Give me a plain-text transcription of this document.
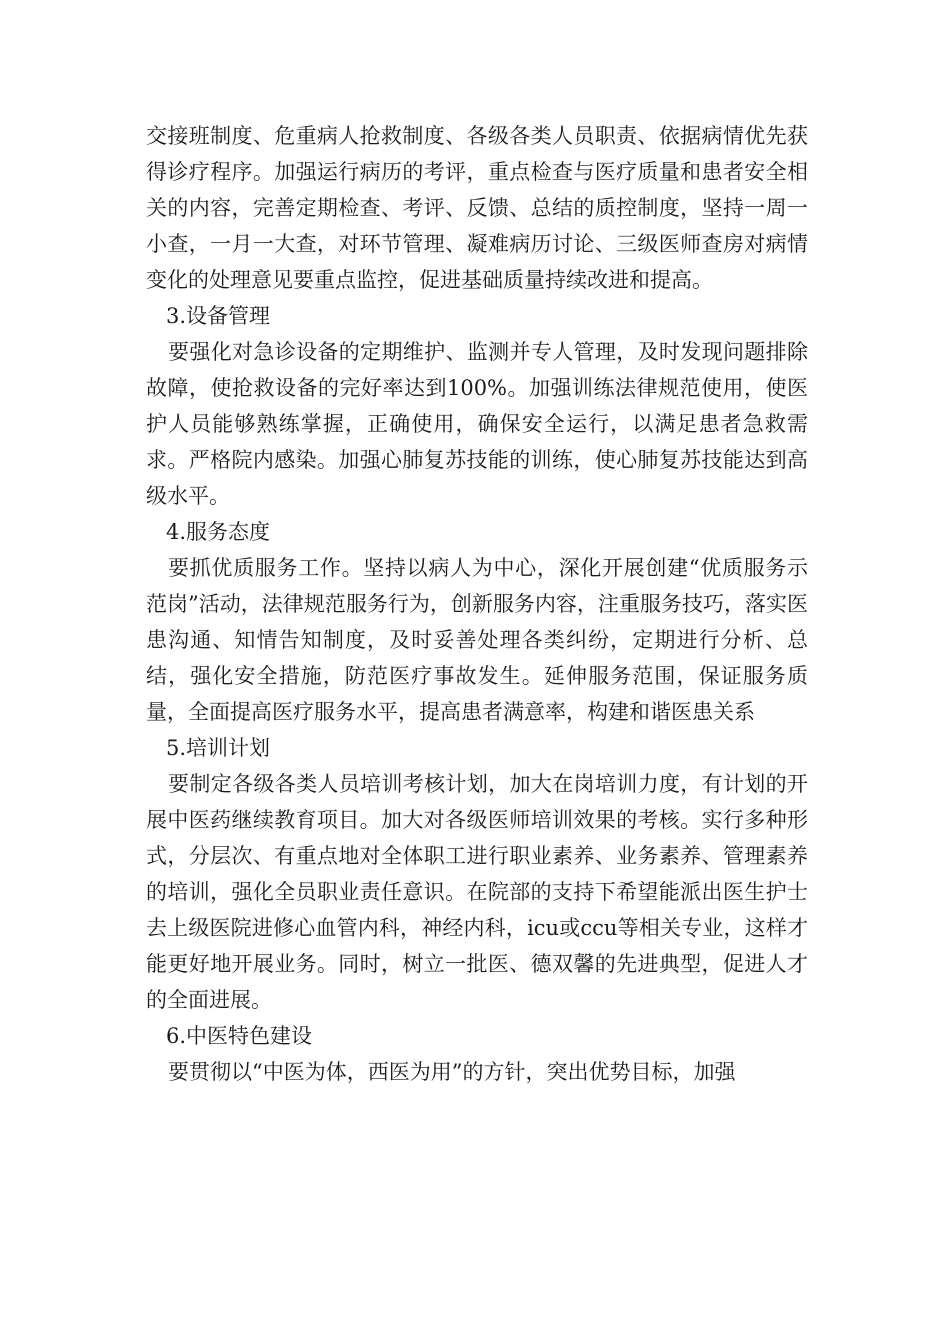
交接班制度、危重病人抢救制度、各级各类人员职责、依据病情优先获得诊疗程序。加强运行病历的考评，重点检查与医疗质量和患者安全相关的内容，完善定期检查、考评、反馈、总结的质控制度，坚持一周一小查，一月一大查，对环节管理、凝难病历讨论、三级医师查房对病情变化的处理意见要重点监控，促进基础质量持续改进和提高。

3.设备管理

要强化对急诊设备的定期维护、监测并专人管理，及时发现问题排除故障，使抢救设备的完好率达到100%。加强训练法律规范使用，使医护人员能够熟练掌握，正确使用，确保安全运行，以满足患者急救需求。严格院内感染。加强心肺复苏技能的训练，使心肺复苏技能达到高级水平。

4.服务态度

要抓优质服务工作。坚持以病人为中心，深化开展创建“优质服务示范岗”活动，法律规范服务行为，创新服务内容，注重服务技巧，落实医患沟通、知情告知制度，及时妥善处理各类纠纷，定期进行分析、总结，强化安全措施，防范医疗事故发生。延伸服务范围，保证服务质量，全面提高医疗服务水平，提高患者满意率，构建和谐医患关系

5.培训计划

要制定各级各类人员培训考核计划，加大在岗培训力度，有计划的开展中医药继续教育项目。加大对各级医师培训效果的考核。实行多种形式，分层次、有重点地对全体职工进行职业素养、业务素养、管理素养的培训，强化全员职业责任意识。在院部的支持下希望能派出医生护士去上级医院进修心血管内科，神经内科，icu或ccu等相关专业，这样才能更好地开展业务。同时，树立一批医、德双馨的先进典型，促进人才的全面进展。

6.中医特色建设

要贯彻以“中医为体，西医为用”的方针，突出优势目标，加强
